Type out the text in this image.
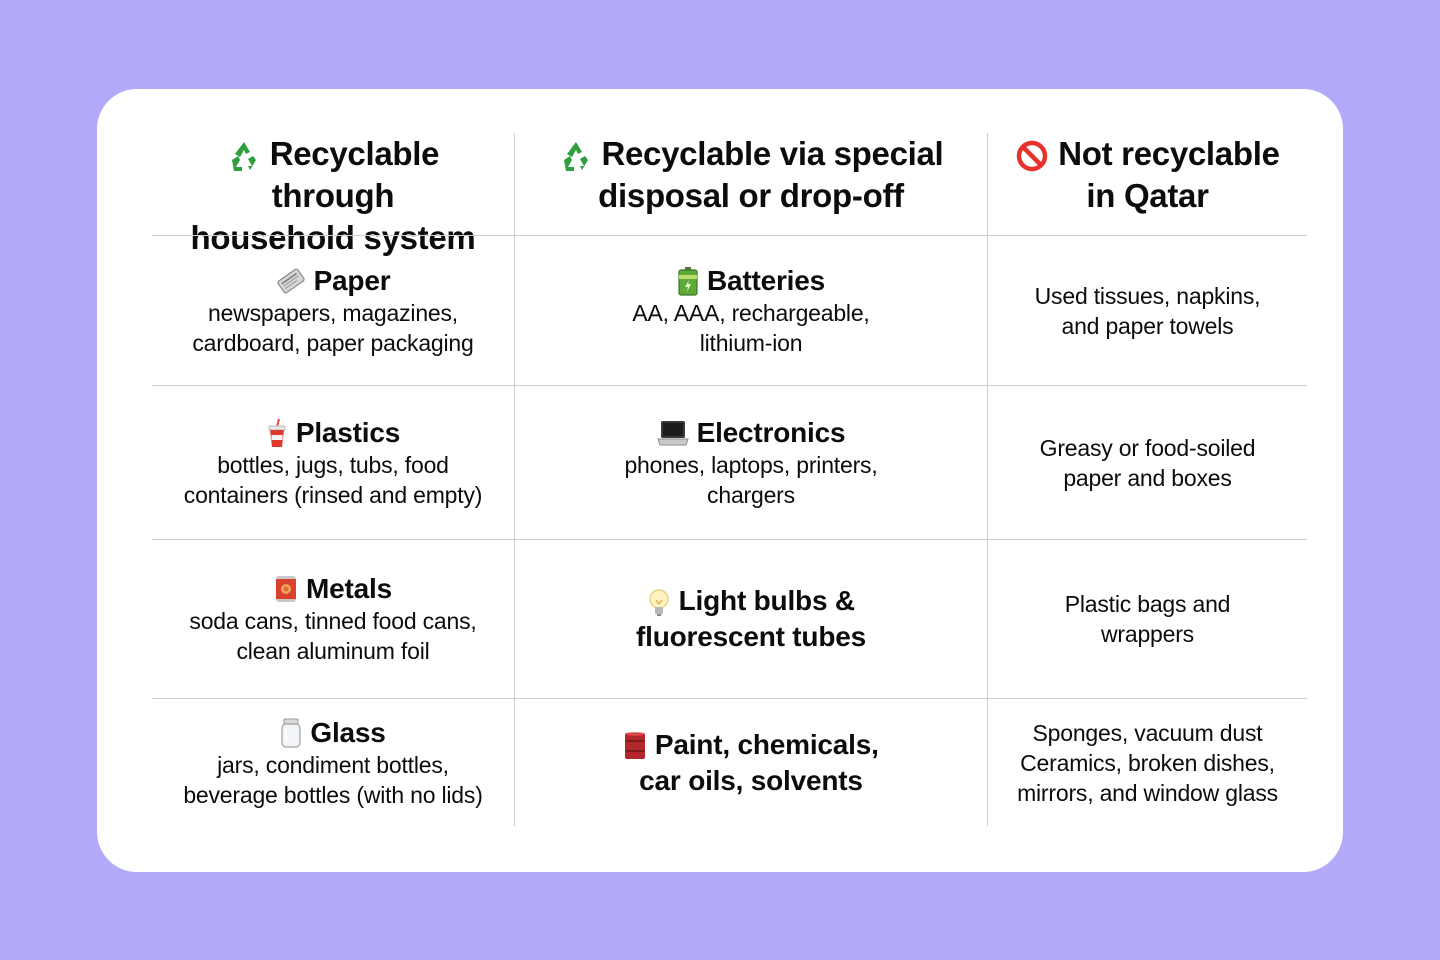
Recyclable through
household system
Recyclable via special
disposal or drop-off
Not recyclable
in Qatar
Paper
newspapers, magazines,
cardboard, paper packaging
Batteries
AA, AAA, rechargeable,
lithium-ion
Used tissues, napkins,
and paper towels
Plastics
bottles, jugs, tubs, food
containers (rinsed and empty)
Electronics
phones, laptops, printers,
chargers
Greasy or food-soiled
paper and boxes
Metals
soda cans, tinned food cans,
clean aluminum foil
Light bulbs &
fluorescent tubes
Plastic bags and
wrappers
Glass
jars, condiment bottles,
beverage bottles (with no lids)
Paint, chemicals,
car oils, solvents
Sponges, vacuum dust
Ceramics, broken dishes,
mirrors, and window glass
